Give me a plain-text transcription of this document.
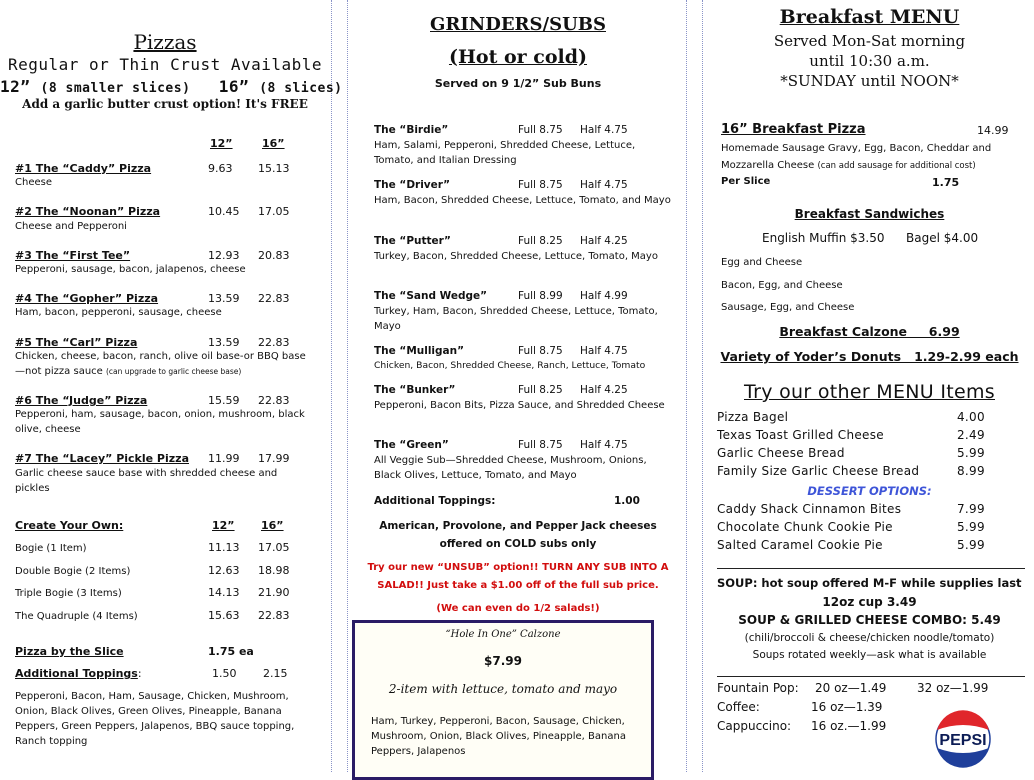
Pizzas
Regular or Thin Crust Available
12” (8 smaller slices) 16” (8 slices)
Add a garlic butter crust option! It's FREE
12”	16”
#1 The “Caddy” Pizza	9.63 15.13
Cheese
#2 The “Noonan” Pizza	10.45 17.05
Cheese and Pepperoni
#3 The “First Tee”	12.93 20.83
Pepperoni, sausage, bacon, jalapenos, cheese
#4 The “Gopher” Pizza	13.59 22.83
Ham, bacon, pepperoni, sausage, cheese
#5 The “Carl” Pizza	13.59 22.83
Chicken, cheese, bacon, ranch, olive oil base-or BBQ base—not pizza sauce (can upgrade to garlic cheese base)
#6 The “Judge” Pizza	15.59 22.83
Pepperoni, ham, sausage, bacon, onion, mushroom, black olive, cheese
#7 The “Lacey” Pickle Pizza 11.99 17.99
Garlic cheese sauce base with shredded cheese and pickles
Create Your Own:	12” 16”
Bogie (1 Item)	11.13 17.05
Double Bogie (2 Items)	12.63 18.98
Triple Bogie (3 Items)	14.13 21.90
The Quadruple (4 Items)	15.63 22.83
Pizza by the Slice	1.75 ea
Additional Toppings:	1.50 2.15
Pepperoni, Bacon, Ham, Sausage, Chicken, Mushroom, Onion, Black Olives, Green Olives, Pineapple, Banana Peppers, Green Peppers, Jalapenos, BBQ sauce topping, Ranch topping
GRINDERS/SUBS
(Hot or cold)
Served on 9 1/2” Sub Buns
The “Birdie”	Full 8.75 Half 4.75
Ham, Salami, Pepperoni, Shredded Cheese, Lettuce, Tomato, and Italian Dressing
The “Driver”	Full 8.75 Half 4.75
Ham, Bacon, Shredded Cheese, Lettuce, Tomato, and Mayo
The “Putter”	Full 8.25 Half 4.25
Turkey, Bacon, Shredded Cheese, Lettuce, Tomato, Mayo
The “Sand Wedge”	Full 8.99 Half 4.99
Turkey, Ham, Bacon, Shredded Cheese, Lettuce, Tomato, Mayo
The “Mulligan”	Full 8.75 Half 4.75
Chicken, Bacon, Shredded Cheese, Ranch, Lettuce, Tomato
The “Bunker”	Full 8.25 Half 4.25
Pepperoni, Bacon Bits, Pizza Sauce, and Shredded Cheese
The “Green”	Full 8.75 Half 4.75
All Veggie Sub—Shredded Cheese, Mushroom, Onions, Black Olives, Lettuce, Tomato, and Mayo
Additional Toppings:	1.00
American, Provolone, and Pepper Jack cheeses
offered on COLD subs only
Try our new “UNSUB” option!! TURN ANY SUB INTO A
SALAD!! Just take a $1.00 off of the full sub price.
(We can even do 1/2 salads!)
“Hole In One” Calzone
$7.99
2-item with lettuce, tomato and mayo
Ham, Turkey, Pepperoni, Bacon, Sausage, Chicken, Mushroom, Onion, Black Olives, Pineapple, Banana Peppers, Jalapenos
Breakfast MENU
Served Mon-Sat morning
until 10:30 a.m.
*SUNDAY until NOON*
16” Breakfast Pizza	14.99
Homemade Sausage Gravy, Egg, Bacon, Cheddar and
Mozzarella Cheese (can add sausage for additional cost)
Per Slice	1.75
Breakfast Sandwiches
English Muffin $3.50 Bagel $4.00
Egg and Cheese
Bacon, Egg, and Cheese
Sausage, Egg, and Cheese
Breakfast Calzone     6.99
Variety of Yoder’s Donuts   1.29-2.99 each
Try our other MENU Items
Pizza Bagel	4.00
Texas Toast Grilled Cheese	2.49
Garlic Cheese Bread	5.99
Family Size Garlic Cheese Bread	8.99
DESSERT OPTIONS:
Caddy Shack Cinnamon Bites	7.99
Chocolate Chunk Cookie Pie	5.99
Salted Caramel Cookie Pie	5.99
SOUP: hot soup offered M-F while supplies last
12oz cup 3.49
SOUP & GRILLED CHEESE COMBO: 5.49
(chili/broccoli & cheese/chicken noodle/tomato)
Soups rotated weekly—ask what is available
Fountain Pop: 20 oz—1.49	32 oz—1.99
Coffee:	16 oz—1.39
Cappuccino: 16 oz.—1.99
PEPSI
